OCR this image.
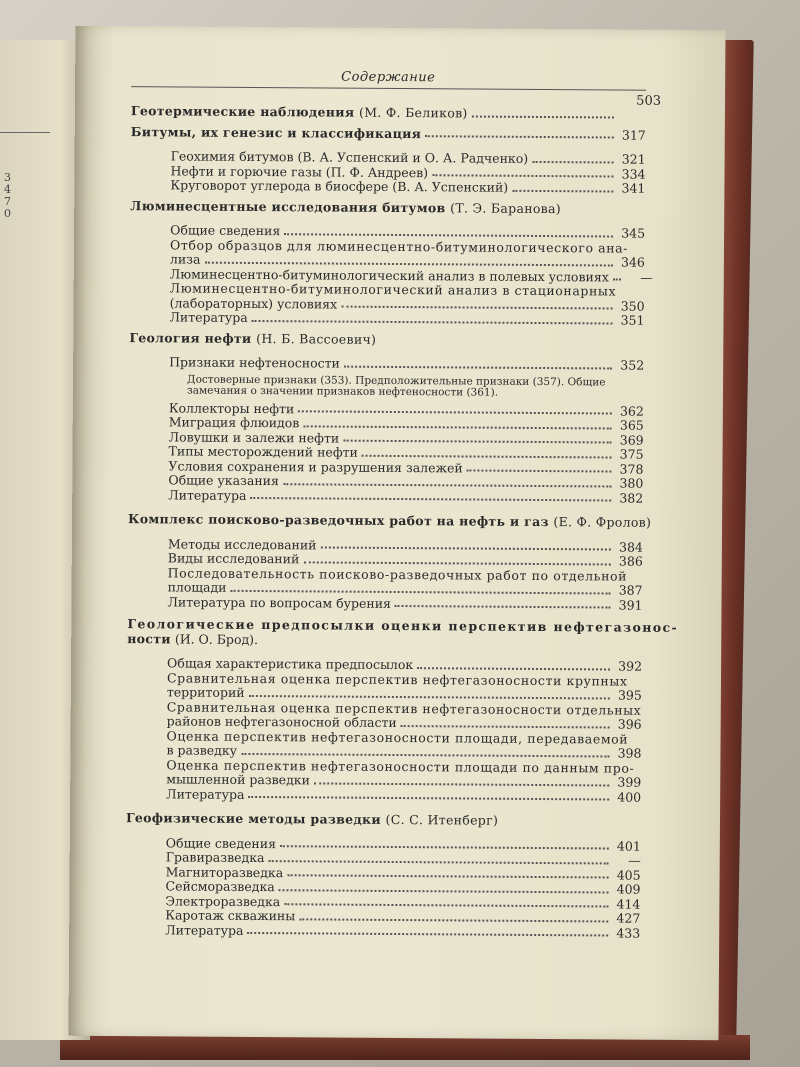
3
4
7
0
Содержание
503
Геотермические наблюдения (М. Ф. Беликов)
Битумы, их генезис и классификация	317
Геохимия битумов (В. А. Успенский и О. А. Радченко)	321
Нефти и горючие газы (П. Ф. Андреев)	334
Круговорот углерода в биосфере (В. А. Успенский)	341
Люминесцентные исследования битумов (Т. Э. Баранова)
Общие сведения	345
Отбор образцов для люминесцентно-битуминологического ана-
лиза	346
Люминесцентно-битуминологический анализ в полевых условиях	—
Люминесцентно-битуминологический анализ в стационарных
(лабораторных) условиях	350
Литература	351
Геология нефти (Н. Б. Вассоевич)
Признаки нефтеносности	352
Достоверные признаки (353). Предположительные признаки (357). Общие замечания о значении признаков нефтеносности (361).
Коллекторы нефти	362
Миграция флюидов	365
Ловушки и залежи нефти	369
Типы месторождений нефти	375
Условия сохранения и разрушения залежей	378
Общие указания	380
Литература	382
Комплекс поисково-разведочных работ на нефть и газ (Е. Ф. Фролов)
Методы исследований	384
Виды исследований	386
Последовательность поисково-разведочных работ по отдельной
площади	387
Литература по вопросам бурения	391
Геологические предпосылки оценки перспектив нефтегазонос-
ности (И. О. Брод).
Общая характеристика предпосылок	392
Сравнительная оценка перспектив нефтегазоносности крупных
территорий	395
Сравнительная оценка перспектив нефтегазоносности отдельных
районов нефтегазоносной области	396
Оценка перспектив нефтегазоносности площади, передаваемой
в разведку	398
Оценка перспектив нефтегазоносности площади по данным про-
мышленной разведки	399
Литература	400
Геофизические методы разведки (С. С. Итенберг)
Общие сведения	401
Гравиразведка	—
Магниторазведка	405
Сейсморазведка	409
Электроразведка	414
Каротаж скважины	427
Литература	433
